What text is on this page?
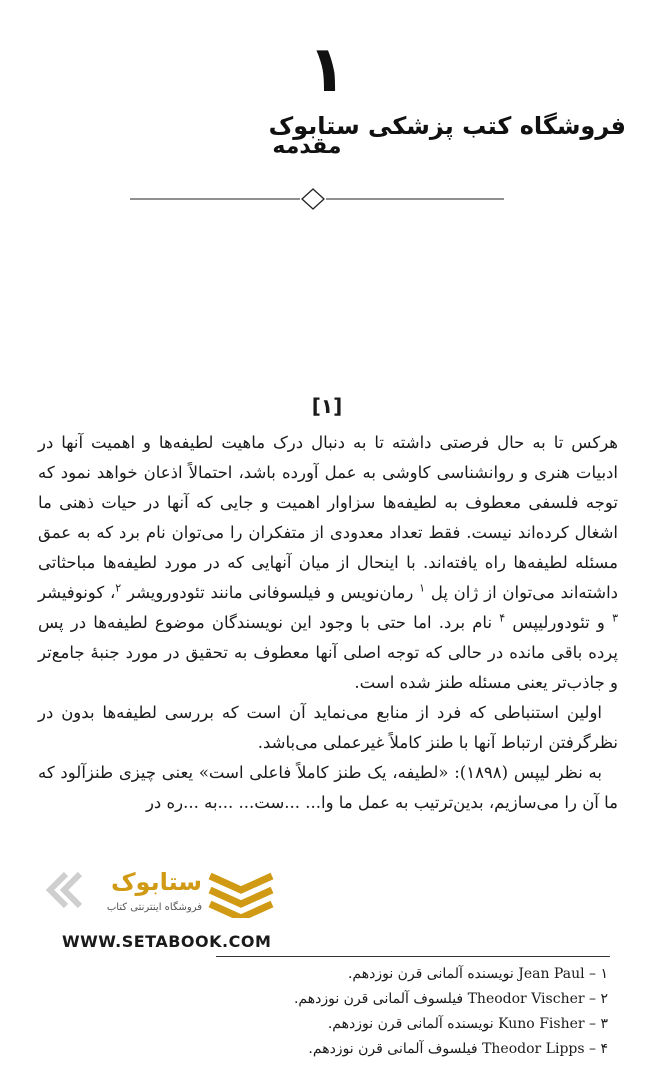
۱
فروشگاه کتب پزشکی ستابوک
مقدمه
[۱]

هرکس تا به حال فرصتی داشته تا به دنبال درک ماهیت لطیفه‌ها و اهمیت آنها در ادبیات هنری و روانشناسی کاوشی به عمل آورده باشد، احتمالاً اذعان خواهد نمود که توجه فلسفی معطوف به لطیفه‌ها سزاوار اهمیت و جایی که آنها در حیات ذهنی ما اشغال کرده‌اند نیست. فقط تعداد معدودی از متفکران را می‌توان نام برد که به عمق مسئله لطیفه‌ها راه یافته‌اند. با اینحال از میان آنهایی که در مورد لطیفه‌ها مباحثاتی داشته‌اند می‌توان از ژان پل $^۱$ رمان‌نویس و فیلسوفانی مانند تئودورویشر $^۲$، کونوفیشر $^۳$ و تئودورلیپس $^۴$ نام برد. اما حتی با وجود این نویسندگان موضوع لطیفه‌ها در پس پرده باقی مانده در حالی که توجه اصلی آنها معطوف به تحقیق در مورد جنبهٔ جامع‌تر و جاذب‌تر یعنی مسئله طنز شده است.

اولین استنباطی که فرد از منابع می‌نماید آن است که بررسی لطیفه‌ها بدون در نظرگرفتن ارتباط آنها با طنز کاملاً غیرعملی می‌باشد.

به نظر لیپس (۱۸۹۸): «لطیفه، یک طنز کاملاً فاعلی است» یعنی چیزی طنزآلود که ما آن را می‌سازیم، بدین‌ترتیب به عمل ما وا... ...ست... ...به ...ره در

ستابوک
فروشگاه اینترنتی کتاب
WWW.SETABOOK.COM
۱ – Jean Paul نویسنده آلمانی قرن نوزدهم.
۲ – Theodor Vischer فیلسوف آلمانی قرن نوزدهم.
۳ – Kuno Fisher نویسنده آلمانی قرن نوزدهم.
۴ – Theodor Lipps فیلسوف آلمانی قرن نوزدهم.
